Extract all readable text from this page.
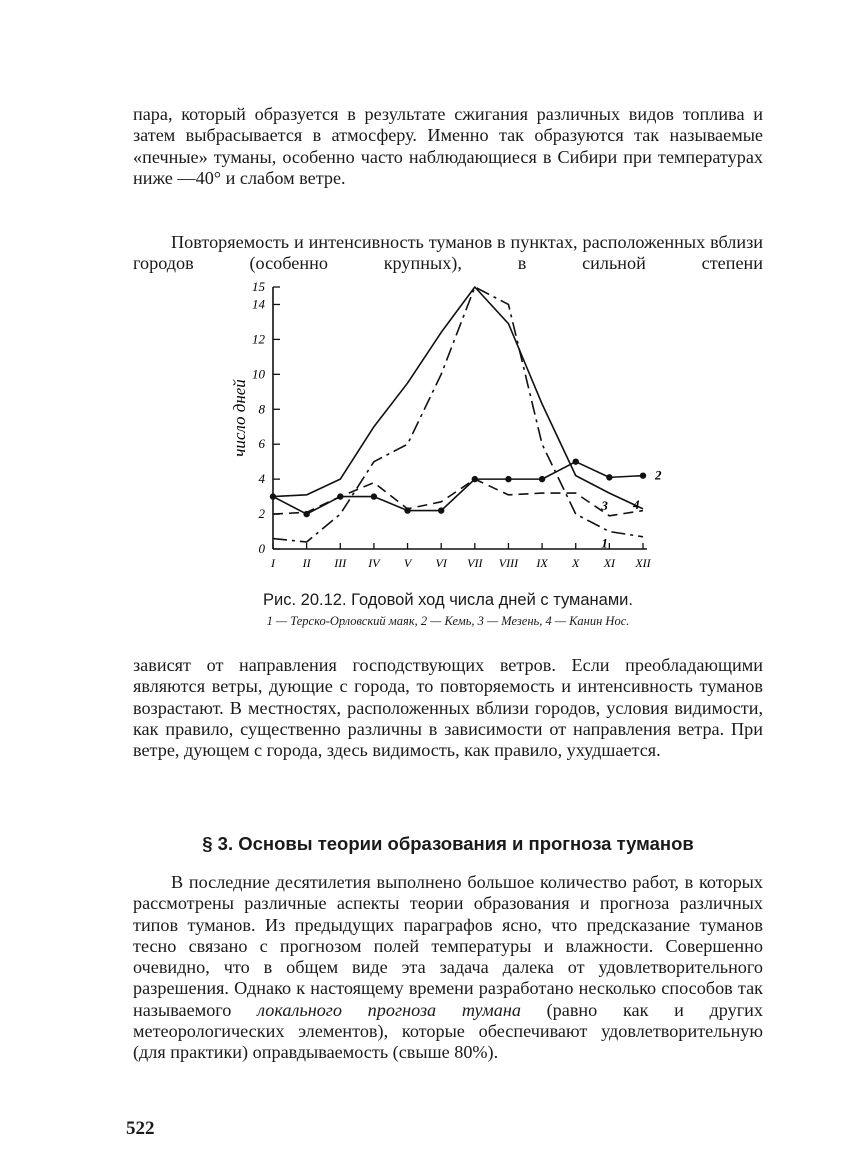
пара, который образуется в результате сжигания различных видов топлива и затем выбрасывается в атмосферу. Именно так образуются так называемые «печные» туманы, особенно часто наблюдающиеся в Сибири при температурах ниже —40° и слабом ветре.

Повторяемость и интенсивность туманов в пунктах, расположенных вблизи городов (особенно крупных), в сильной степени

0
2
4
6
8
10
12
14
15
I II III IV V VI VII VIII IX X XI XII
число дней
1
2
3 4

Рис. 20.12. Годовой ход числа дней с туманами.

1 — Терско-Орловский маяк, 2 — Кемь, 3 — Мезень, 4 — Канин Нос.

зависят от направления господствующих ветров. Если преобладающими являются ветры, дующие с города, то повторяемость и интенсивность туманов возрастают. В местностях, расположенных вблизи городов, условия видимости, как правило, существенно различны в зависимости от направления ветра. При ветре, дующем с города, здесь видимость, как правило, ухудшается.

§ 3. Основы теории образования и прогноза туманов

В последние десятилетия выполнено большое количество работ, в которых рассмотрены различные аспекты теории образования и прогноза различных типов туманов. Из предыдущих параграфов ясно, что предсказание туманов тесно связано с прогнозом полей температуры и влажности. Совершенно очевидно, что в общем виде эта задача далека от удовлетворительного разрешения. Однако к настоящему времени разработано несколько способов так называемого локального прогноза тумана (равно как и других метеорологических элементов), которые обеспечивают удовлетворительную (для практики) оправдываемость (свыше 80%).

522
